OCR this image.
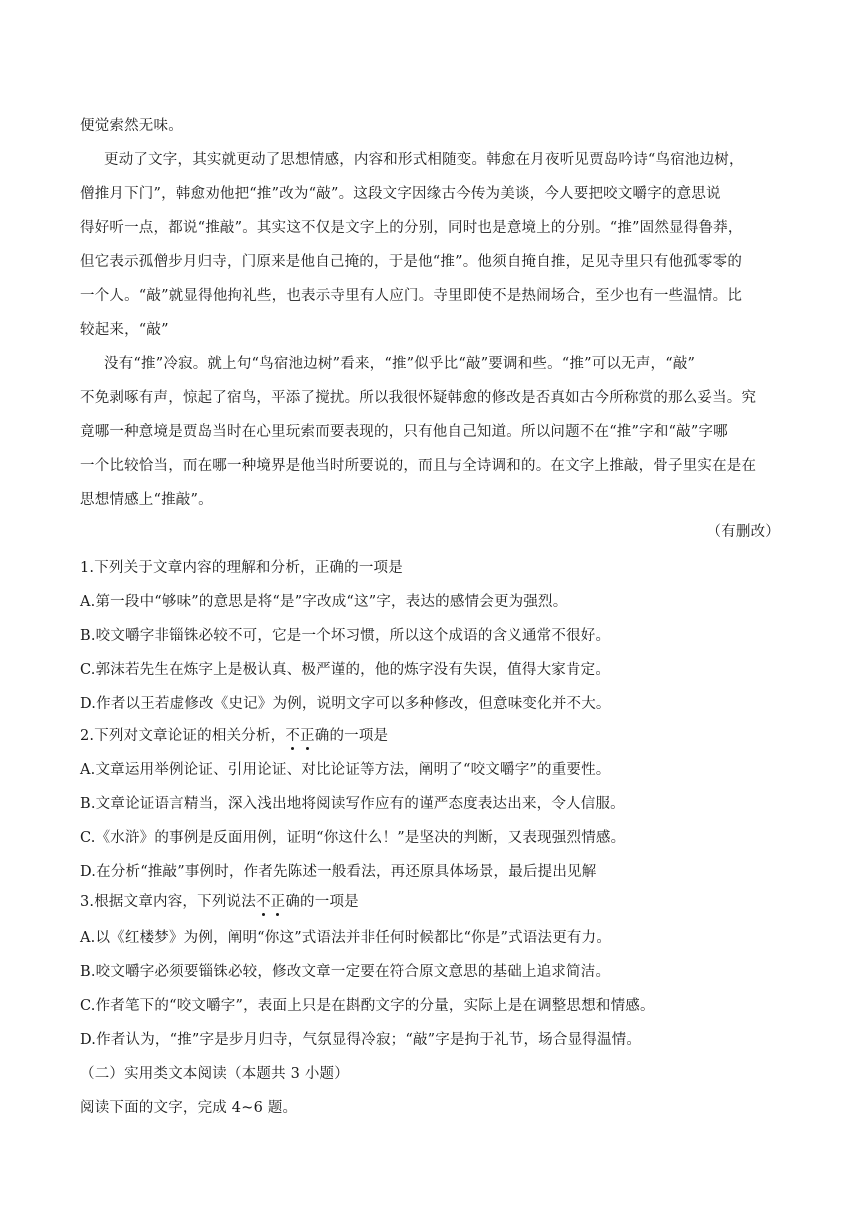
便觉索然无味。
更动了文字，其实就更动了思想情感，内容和形式相随变。韩愈在月夜听见贾岛吟诗“鸟宿池边树，
僧推月下门”，韩愈劝他把“推”改为“敲”。这段文字因缘古今传为美谈，今人要把咬文嚼字的意思说
得好听一点，都说“推敲”。其实这不仅是文字上的分别，同时也是意境上的分别。“推”固然显得鲁莽，
但它表示孤僧步月归寺，门原来是他自己掩的，于是他“推”。他须自掩自推，足见寺里只有他孤零零的
一个人。“敲”就显得他拘礼些，也表示寺里有人应门。寺里即使不是热闹场合，至少也有一些温情。比
较起来，“敲”
没有“推”冷寂。就上句“鸟宿池边树”看来，“推”似乎比“敲”要调和些。“推”可以无声，“敲”
不免剥啄有声，惊起了宿鸟，平添了搅扰。所以我很怀疑韩愈的修改是否真如古今所称赏的那么妥当。究
竟哪一种意境是贾岛当时在心里玩索而要表现的，只有他自己知道。所以问题不在“推”字和“敲”字哪
一个比较恰当，而在哪一种境界是他当时所要说的，而且与全诗调和的。在文字上推敲，骨子里实在是在
思想情感上“推敲”。
（有删改）
1.下列关于文章内容的理解和分析，正确的一项是
A.第一段中“够味”的意思是将“是”字改成“这”字，表达的感情会更为强烈。
B.咬文嚼字非锱铢必较不可，它是一个坏习惯，所以这个成语的含义通常不很好。
C.郭沫若先生在炼字上是极认真、极严谨的，他的炼字没有失误，值得大家肯定。
D.作者以王若虚修改《史记》为例，说明文字可以多种修改，但意味变化并不大。
2.下列对文章论证的相关分析，不正确的一项是
A.文章运用举例论证、引用论证、对比论证等方法，阐明了“咬文嚼字”的重要性。
B.文章论证语言精当，深入浅出地将阅读写作应有的谨严态度表达出来，令人信服。
C.《水浒》的事例是反面用例，证明“你这什么！”是坚决的判断，又表现强烈情感。
D.在分析“推敲”事例时，作者先陈述一般看法，再还原具体场景，最后提出见解
3.根据文章内容，下列说法不正确的一项是
A.以《红楼梦》为例，阐明“你这”式语法并非任何时候都比“你是”式语法更有力。
B.咬文嚼字必须要锱铢必较，修改文章一定要在符合原文意思的基础上追求简洁。
C.作者笔下的“咬文嚼字”，表面上只是在斟酌文字的分量，实际上是在调整思想和情感。
D.作者认为，“推”字是步月归寺，气氛显得冷寂；“敲”字是拘于礼节，场合显得温情。
（二）实用类文本阅读（本题共 3 小题）
阅读下面的文字，完成 4~6 题。
